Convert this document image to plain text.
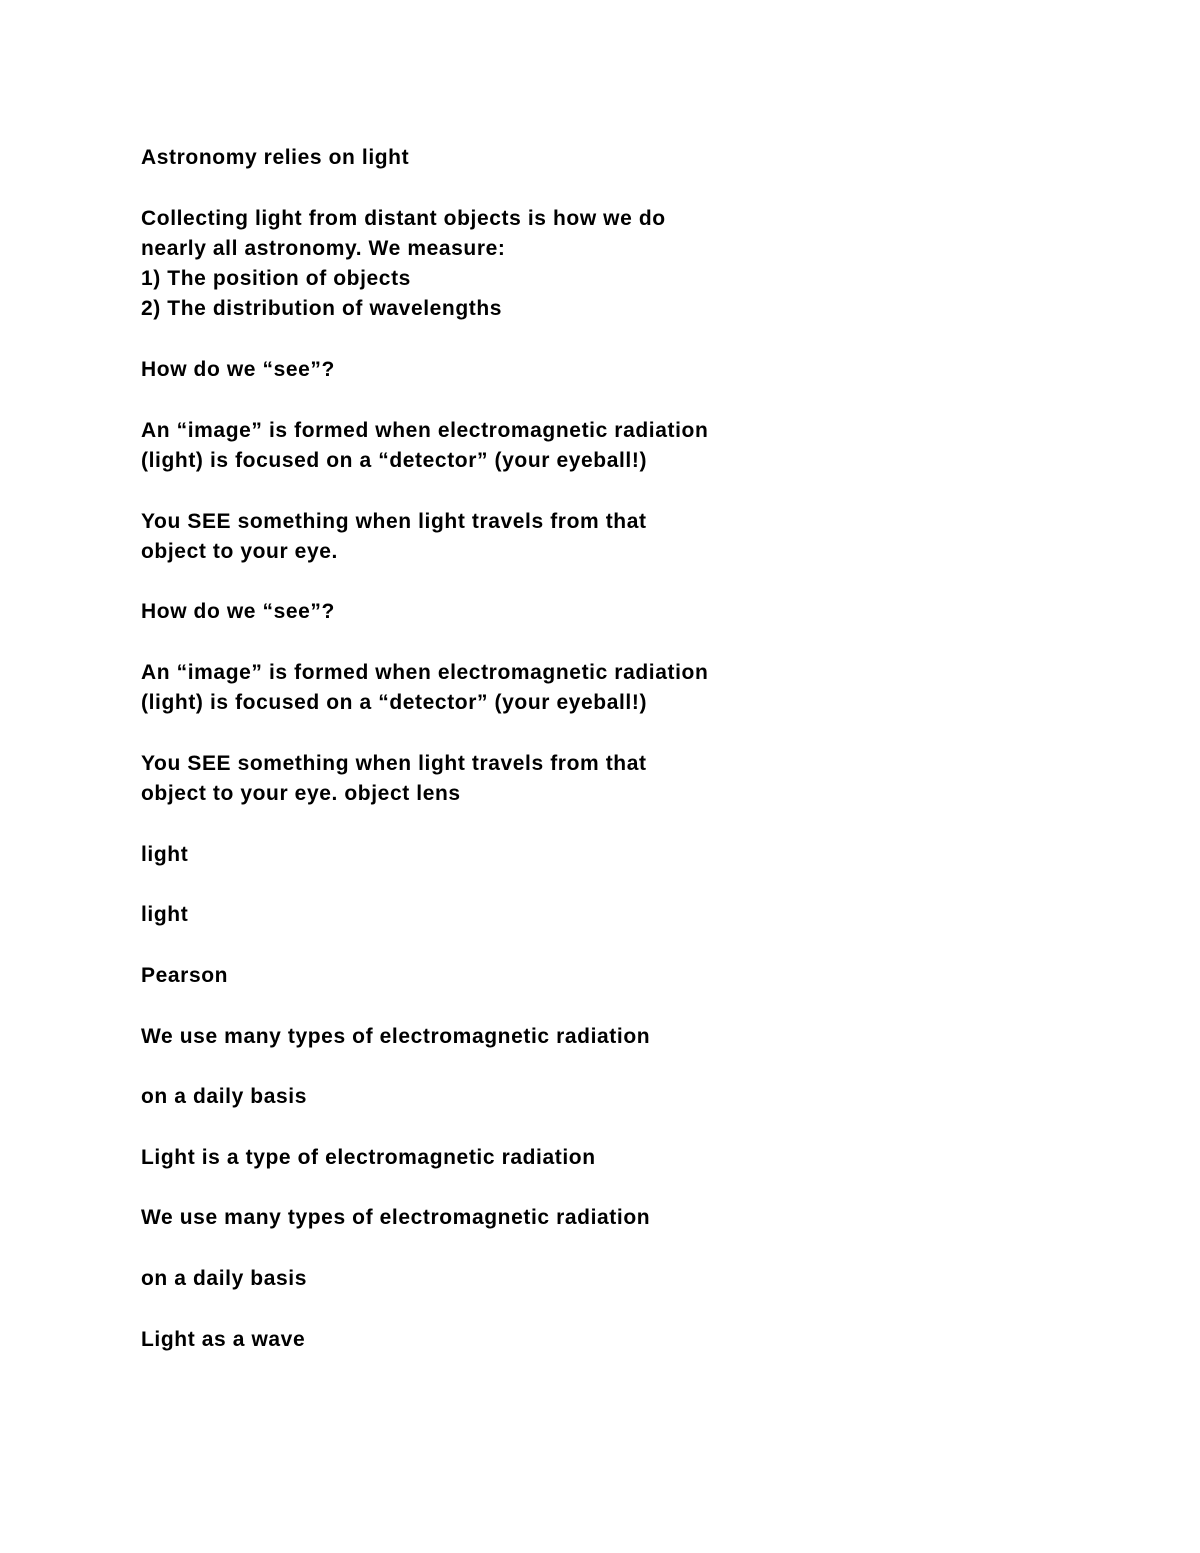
Astronomy relies on light
Collecting light from distant objects is how we do
nearly all astronomy. We measure:
1) The position of objects
2) The distribution of wavelengths
How do we “see”?
An “image” is formed when electromagnetic radiation
(light) is focused on a “detector” (your eyeball!)
You SEE something when light travels from that
object to your eye.
How do we “see”?
An “image” is formed when electromagnetic radiation
(light) is focused on a “detector” (your eyeball!)
You SEE something when light travels from that
object to your eye. object lens
light
light
Pearson
We use many types of electromagnetic radiation
on a daily basis
Light is a type of electromagnetic radiation
We use many types of electromagnetic radiation
on a daily basis
Light as a wave
